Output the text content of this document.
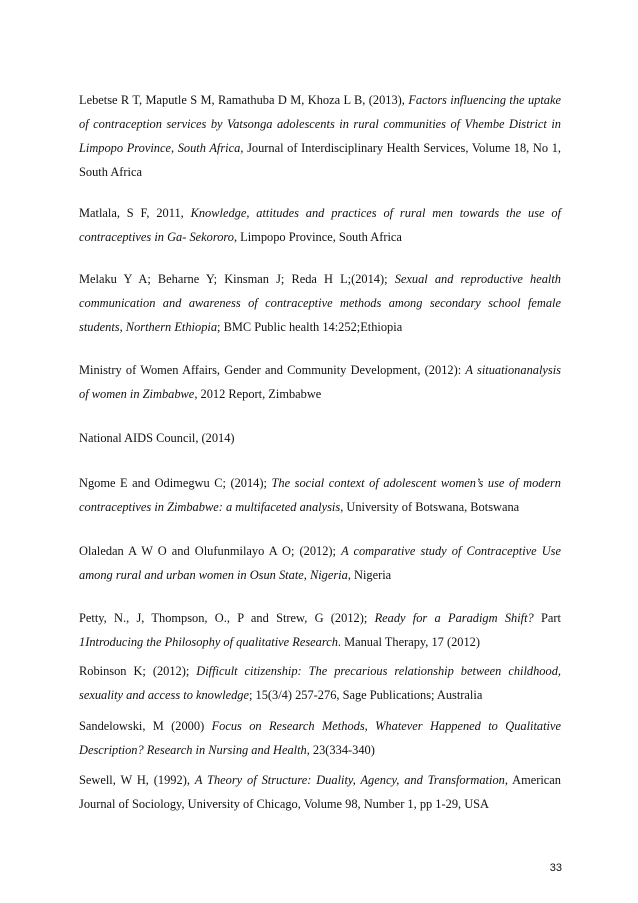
Lebetse R T, Maputle S M, Ramathuba D M, Khoza L B, (2013), Factors influencing the uptake of contraception services by Vatsonga adolescents in rural communities of Vhembe District in Limpopo Province, South Africa, Journal of Interdisciplinary Health Services, Volume 18, No 1, South Africa

Matlala, S F, 2011, Knowledge, attitudes and practices of rural men towards the use of contraceptives in Ga- Sekororo, Limpopo Province, South Africa

Melaku Y A; Beharne Y; Kinsman J; Reda H L;(2014); Sexual and reproductive health communication and awareness of contraceptive methods among secondary school female students, Northern Ethiopia; BMC Public health 14:252;Ethiopia

Ministry of Women Affairs, Gender and Community Development, (2012): A situationanalysis of women in Zimbabwe, 2012 Report, Zimbabwe

National AIDS Council, (2014)

Ngome E and Odimegwu C; (2014); The social context of adolescent women’s use of modern contraceptives in Zimbabwe: a multifaceted analysis, University of Botswana, Botswana

Olaledan A W O and Olufunmilayo A O; (2012); A comparative study of Contraceptive Use among rural and urban women in Osun State, Nigeria, Nigeria

Petty, N., J, Thompson, O., P and Strew, G (2012); Ready for a Paradigm Shift? Part 1Introducing the Philosophy of qualitative Research. Manual Therapy, 17 (2012)

Robinson K; (2012); Difficult citizenship: The precarious relationship between childhood, sexuality and access to knowledge; 15(3/4) 257-276, Sage Publications; Australia

Sandelowski, M (2000) Focus on Research Methods, Whatever Happened to Qualitative Description? Research in Nursing and Health, 23(334-340)

Sewell, W H, (1992), A Theory of Structure: Duality, Agency, and Transformation, American Journal of Sociology, University of Chicago, Volume 98, Number 1, pp 1-29, USA

33
